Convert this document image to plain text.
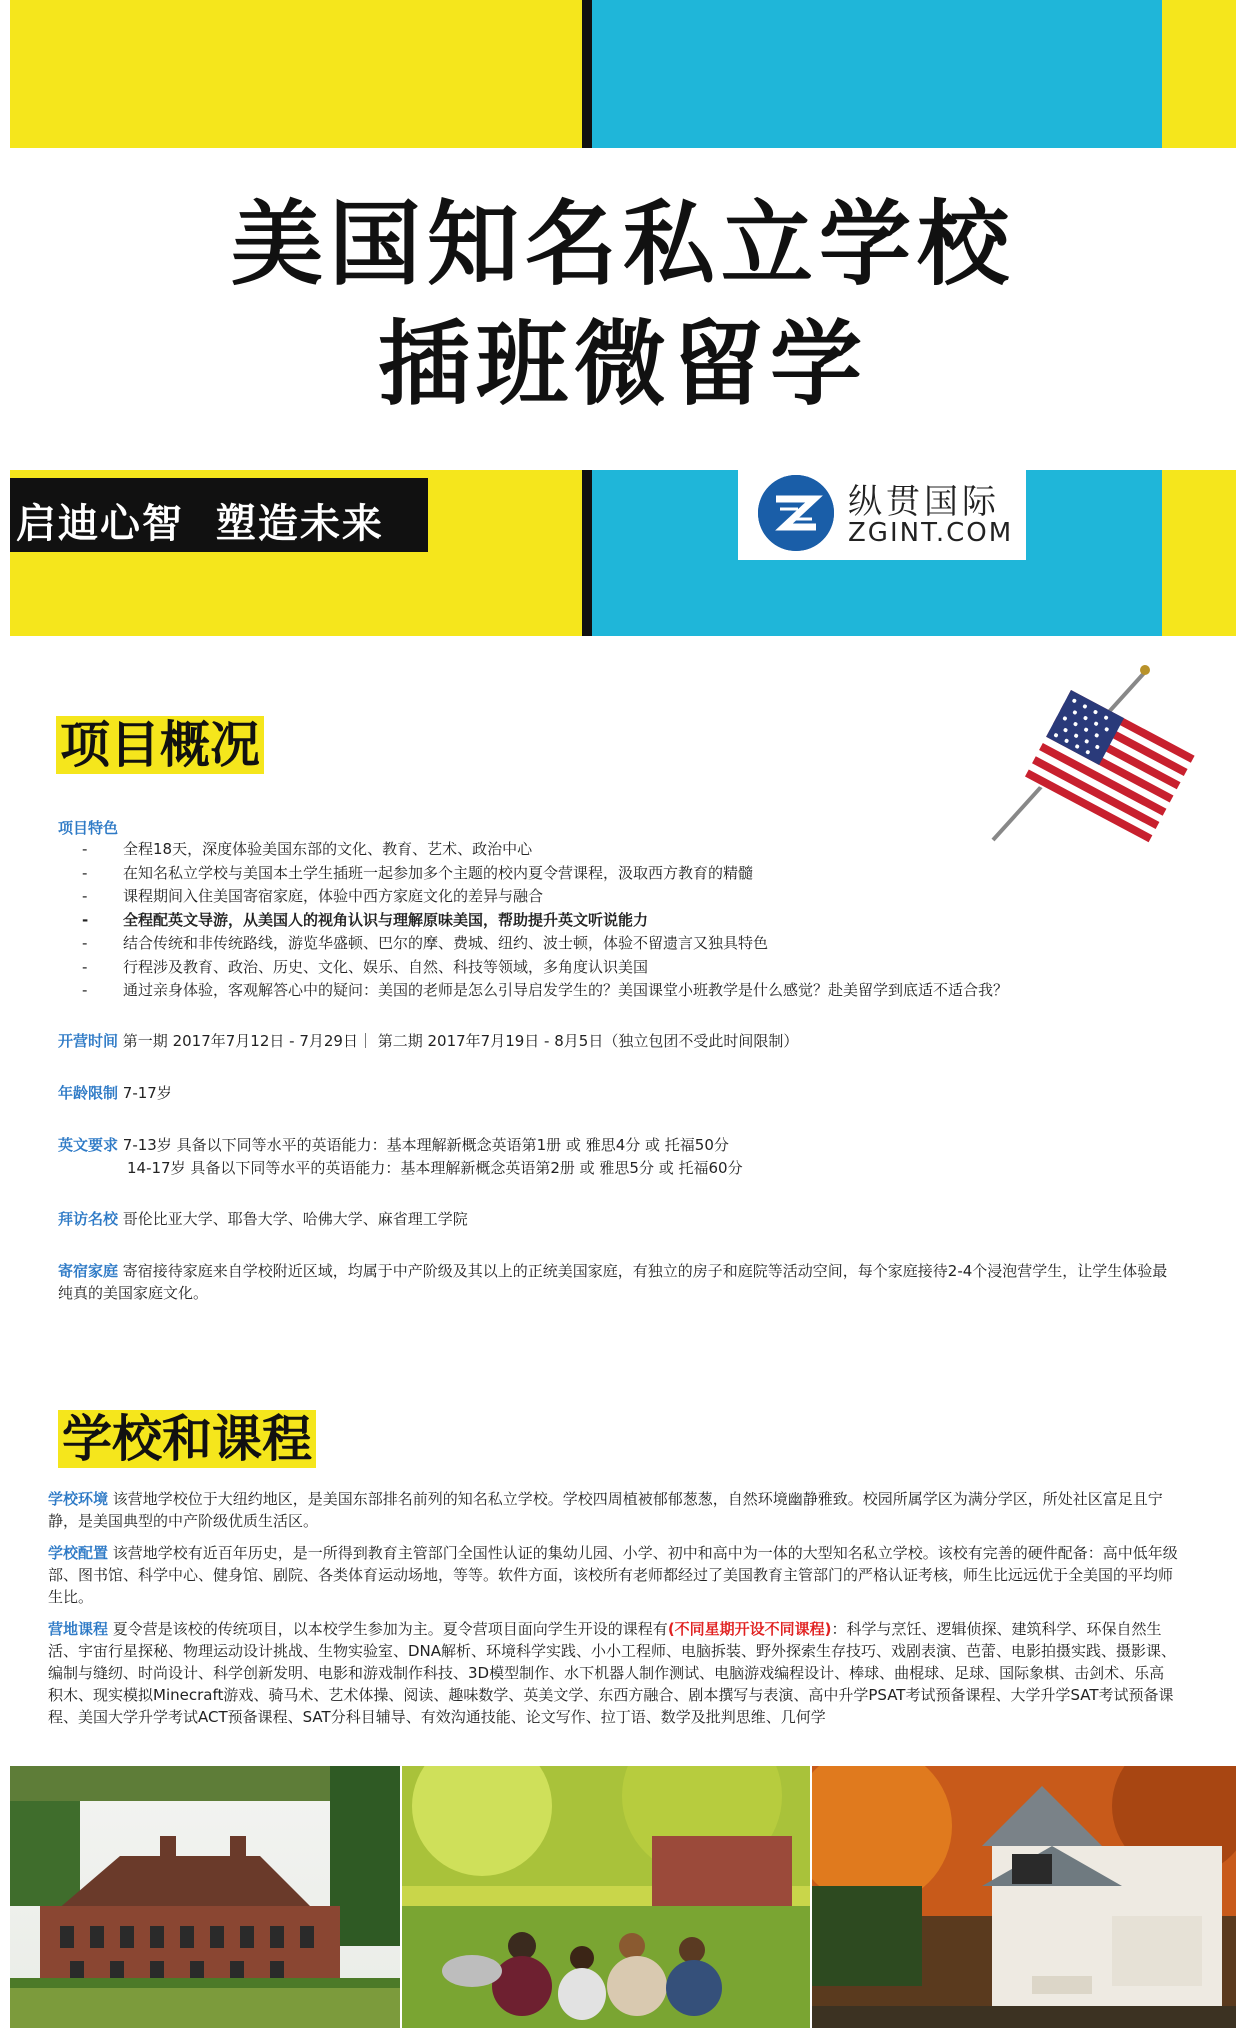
美国知名私立学校
插班微留学
启迪心智  塑造未来	纵贯国际
ZGINT.COM
项目概况
项目特色
- 全程18天，深度体验美国东部的文化、教育、艺术、政治中心
- 在知名私立学校与美国本土学生插班一起参加多个主题的校内夏令营课程，汲取西方教育的精髓
- 课程期间入住美国寄宿家庭，体验中西方家庭文化的差异与融合
- 全程配英文导游，从美国人的视角认识与理解原味美国，帮助提升英文听说能力
- 结合传统和非传统路线，游览华盛顿、巴尔的摩、费城、纽约、波士顿，体验不留遗言又独具特色
- 行程涉及教育、政治、历史、文化、娱乐、自然、科技等领域，多角度认识美国
- 通过亲身体验，客观解答心中的疑问：美国的老师是怎么引导启发学生的？美国课堂小班教学是什么感觉？赴美留学到底适不适合我？
开营时间 第一期 2017年7月12日 - 7月29日｜ 第二期 2017年7月19日 - 8月5日（独立包团不受此时间限制）
年龄限制 7-17岁
英文要求 7-13岁 具备以下同等水平的英语能力：基本理解新概念英语第1册 或 雅思4分 或 托福50分
14-17岁 具备以下同等水平的英语能力：基本理解新概念英语第2册 或 雅思5分 或 托福60分
拜访名校 哥伦比亚大学、耶鲁大学、哈佛大学、麻省理工学院
寄宿家庭 寄宿接待家庭来自学校附近区域，均属于中产阶级及其以上的正统美国家庭，有独立的房子和庭院等活动空间，每个家庭接待2-4个浸泡营学生，让学生体验最纯真的美国家庭文化。
学校和课程
学校环境 该营地学校位于大纽约地区，是美国东部排名前列的知名私立学校。学校四周植被郁郁葱葱，自然环境幽静雅致。校园所属学区为满分学区，所处社区富足且宁静，是美国典型的中产阶级优质生活区。
学校配置 该营地学校有近百年历史，是一所得到教育主管部门全国性认证的集幼儿园、小学、初中和高中为一体的大型知名私立学校。该校有完善的硬件配备：高中低年级部、图书馆、科学中心、健身馆、剧院、各类体育运动场地，等等。软件方面，该校所有老师都经过了美国教育主管部门的严格认证考核，师生比远远优于全美国的平均师生比。
营地课程 夏令营是该校的传统项目，以本校学生参加为主。夏令营项目面向学生开设的课程有(不同星期开设不同课程)：科学与烹饪、逻辑侦探、建筑科学、环保自然生活、宇宙行星探秘、物理运动设计挑战、生物实验室、DNA解析、环境科学实践、小小工程师、电脑拆装、野外探索生存技巧、戏剧表演、芭蕾、电影拍摄实践、摄影课、编制与缝纫、时尚设计、科学创新发明、电影和游戏制作科技、3D模型制作、水下机器人制作测试、电脑游戏编程设计、棒球、曲棍球、足球、国际象棋、击剑术、乐高积木、现实模拟Minecraft游戏、骑马术、艺术体操、阅读、趣味数学、英美文学、东西方融合、剧本撰写与表演、高中升学PSAT考试预备课程、大学升学SAT考试预备课程、美国大学升学考试ACT预备课程、SAT分科目辅导、有效沟通技能、论文写作、拉丁语、数学及批判思维、几何学
